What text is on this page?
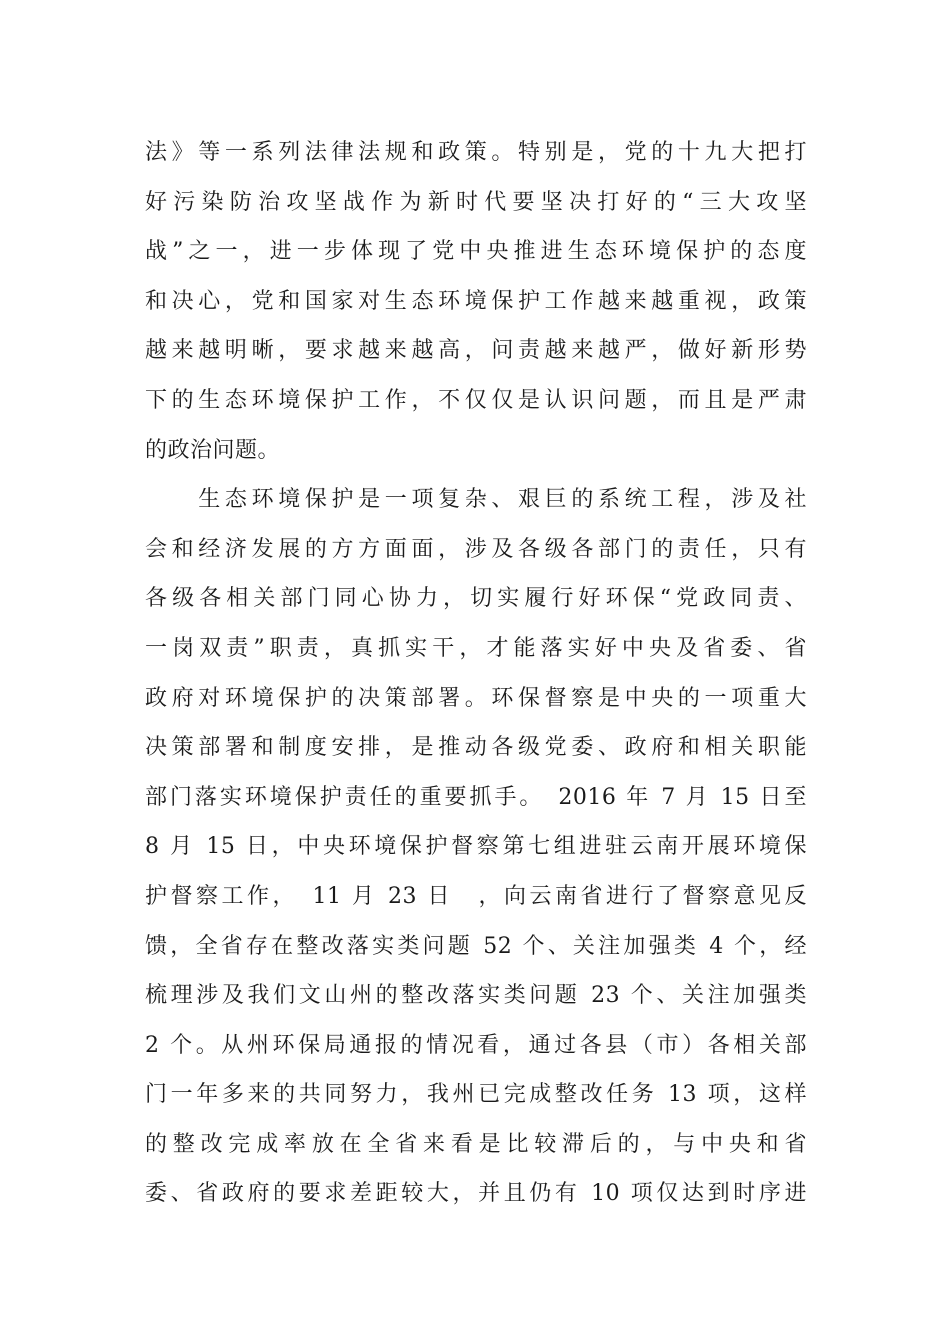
法》等一系列法律法规和政策。特别是，党的十九大把打
好污染防治攻坚战作为新时代要坚决打好的“三大攻坚
战”之一，进一步体现了党中央推进生态环境保护的态度
和决心，党和国家对生态环境保护工作越来越重视，政策
越来越明晰，要求越来越高，问责越来越严，做好新形势
下的生态环境保护工作，不仅仅是认识问题，而且是严肃
的政治问题。
　　生态环境保护是一项复杂、艰巨的系统工程，涉及社
会和经济发展的方方面面，涉及各级各部门的责任，只有
各级各相关部门同心协力，切实履行好环保“党政同责、
一岗双责”职责，真抓实干，才能落实好中央及省委、省
政府对环境保护的决策部署。环保督察是中央的一项重大
决策部署和制度安排，是推动各级党委、政府和相关职能
部门落实环境保护责任的重要抓手。　2016 年 7 月 15 日至
8 月 15 日，中央环境保护督察第七组进驻云南开展环境保
护督察工作，　11 月 23 日　，向云南省进行了督察意见反
馈，全省存在整改落实类问题 52 个、关注加强类 4 个，经
梳理涉及我们文山州的整改落实类问题 23 个、关注加强类
2 个。从州环保局通报的情况看，通过各县（市）各相关部
门一年多来的共同努力，我州已完成整改任务 13 项，这样
的整改完成率放在全省来看是比较滞后的，与中央和省
委、省政府的要求差距较大，并且仍有 10 项仅达到时序进
